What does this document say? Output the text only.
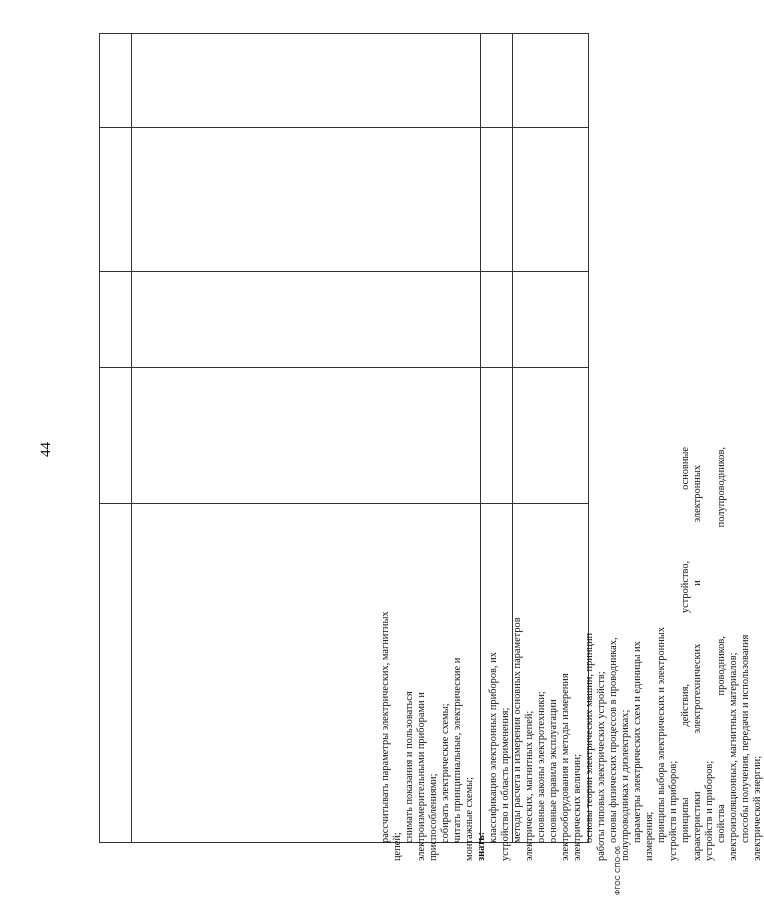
рассчитывать параметры электрических, магнитных
цепей;
снимать показания и пользоваться электроизмерительными приборами и приспособлениями; собирать электрические схемы; читать принципиальные, электрические и монтажные схемы; знать:
классификацию электронных приборов, их устройство и область применения; методы расчета и измерения основных параметров электрических, магнитных цепей; основные законы электротехники; основные правила эксплуатации электрооборудования и методы измерения электрических величин; основы теории электрических машин, принцип работы типовых электрических устройств; основы физических процессов в проводниках, полупроводниках и диэлектриках; параметры электрических схем и единицы их измерения; принципы выбора электрических и электронных устройств и приборов; принципы
действия,
устройство,
основные
характеристики
электротехнических
и
электронных
устройств и приборов; свойства
проводников,
полупроводников,
электроизоляционных, магнитных материалов; способы получения, передачи и использования электрической энергии;
44
ФГОС СПО-06
